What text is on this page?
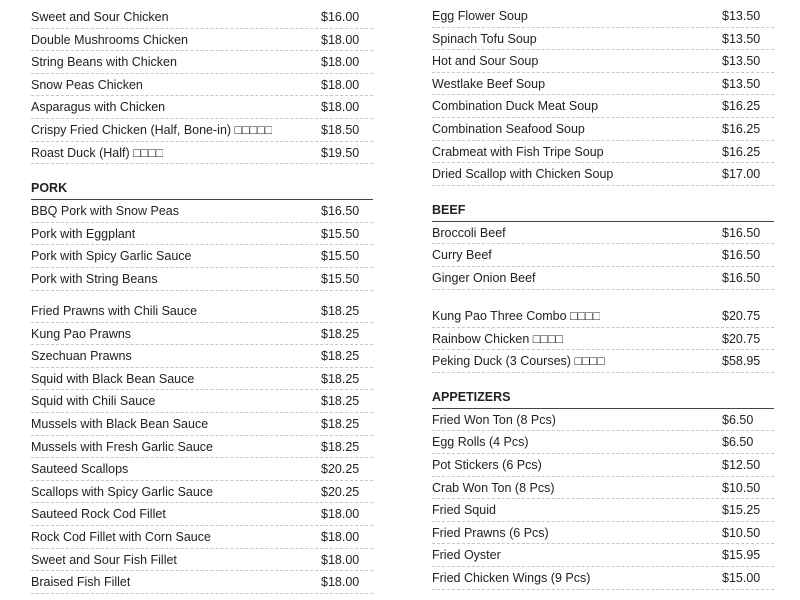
Sweet and Sour Chicken	$16.00
Double Mushrooms Chicken	$18.00
String Beans with Chicken	$18.00
Snow Peas Chicken	$18.00
Asparagus with Chicken	$18.00
Crispy Fried Chicken (Half, Bone-in) □□□□□	$18.50
Roast Duck (Half) □□□□	$19.50
PORK
BBQ Pork with Snow Peas	$16.50
Pork with Eggplant	$15.50
Pork with Spicy Garlic Sauce	$15.50
Pork with String Beans	$15.50
Fried Prawns with Chili Sauce	$18.25
Kung Pao Prawns	$18.25
Szechuan Prawns	$18.25
Squid with Black Bean Sauce	$18.25
Squid with Chili Sauce	$18.25
Mussels with Black Bean Sauce	$18.25
Mussels with Fresh Garlic Sauce	$18.25
Sauteed Scallops	$20.25
Scallops with Spicy Garlic Sauce	$20.25
Sauteed Rock Cod Fillet	$18.00
Rock Cod Fillet with Corn Sauce	$18.00
Sweet and Sour Fish Fillet	$18.00
Braised Fish Fillet	$18.00
Egg Flower Soup	$13.50
Spinach Tofu Soup	$13.50
Hot and Sour Soup	$13.50
Westlake Beef Soup	$13.50
Combination Duck Meat Soup	$16.25
Combination Seafood Soup	$16.25
Crabmeat with Fish Tripe Soup	$16.25
Dried Scallop with Chicken Soup	$17.00
BEEF
Broccoli Beef	$16.50
Curry Beef	$16.50
Ginger Onion Beef	$16.50
Kung Pao Three Combo □□□□	$20.75
Rainbow Chicken □□□□	$20.75
Peking Duck (3 Courses) □□□□	$58.95
APPETIZERS
Fried Won Ton (8 Pcs)	$6.50
Egg Rolls (4 Pcs)	$6.50
Pot Stickers (6 Pcs)	$12.50
Crab Won Ton (8 Pcs)	$10.50
Fried Squid	$15.25
Fried Prawns (6 Pcs)	$10.50
Fried Oyster	$15.95
Fried Chicken Wings (9 Pcs)	$15.00
